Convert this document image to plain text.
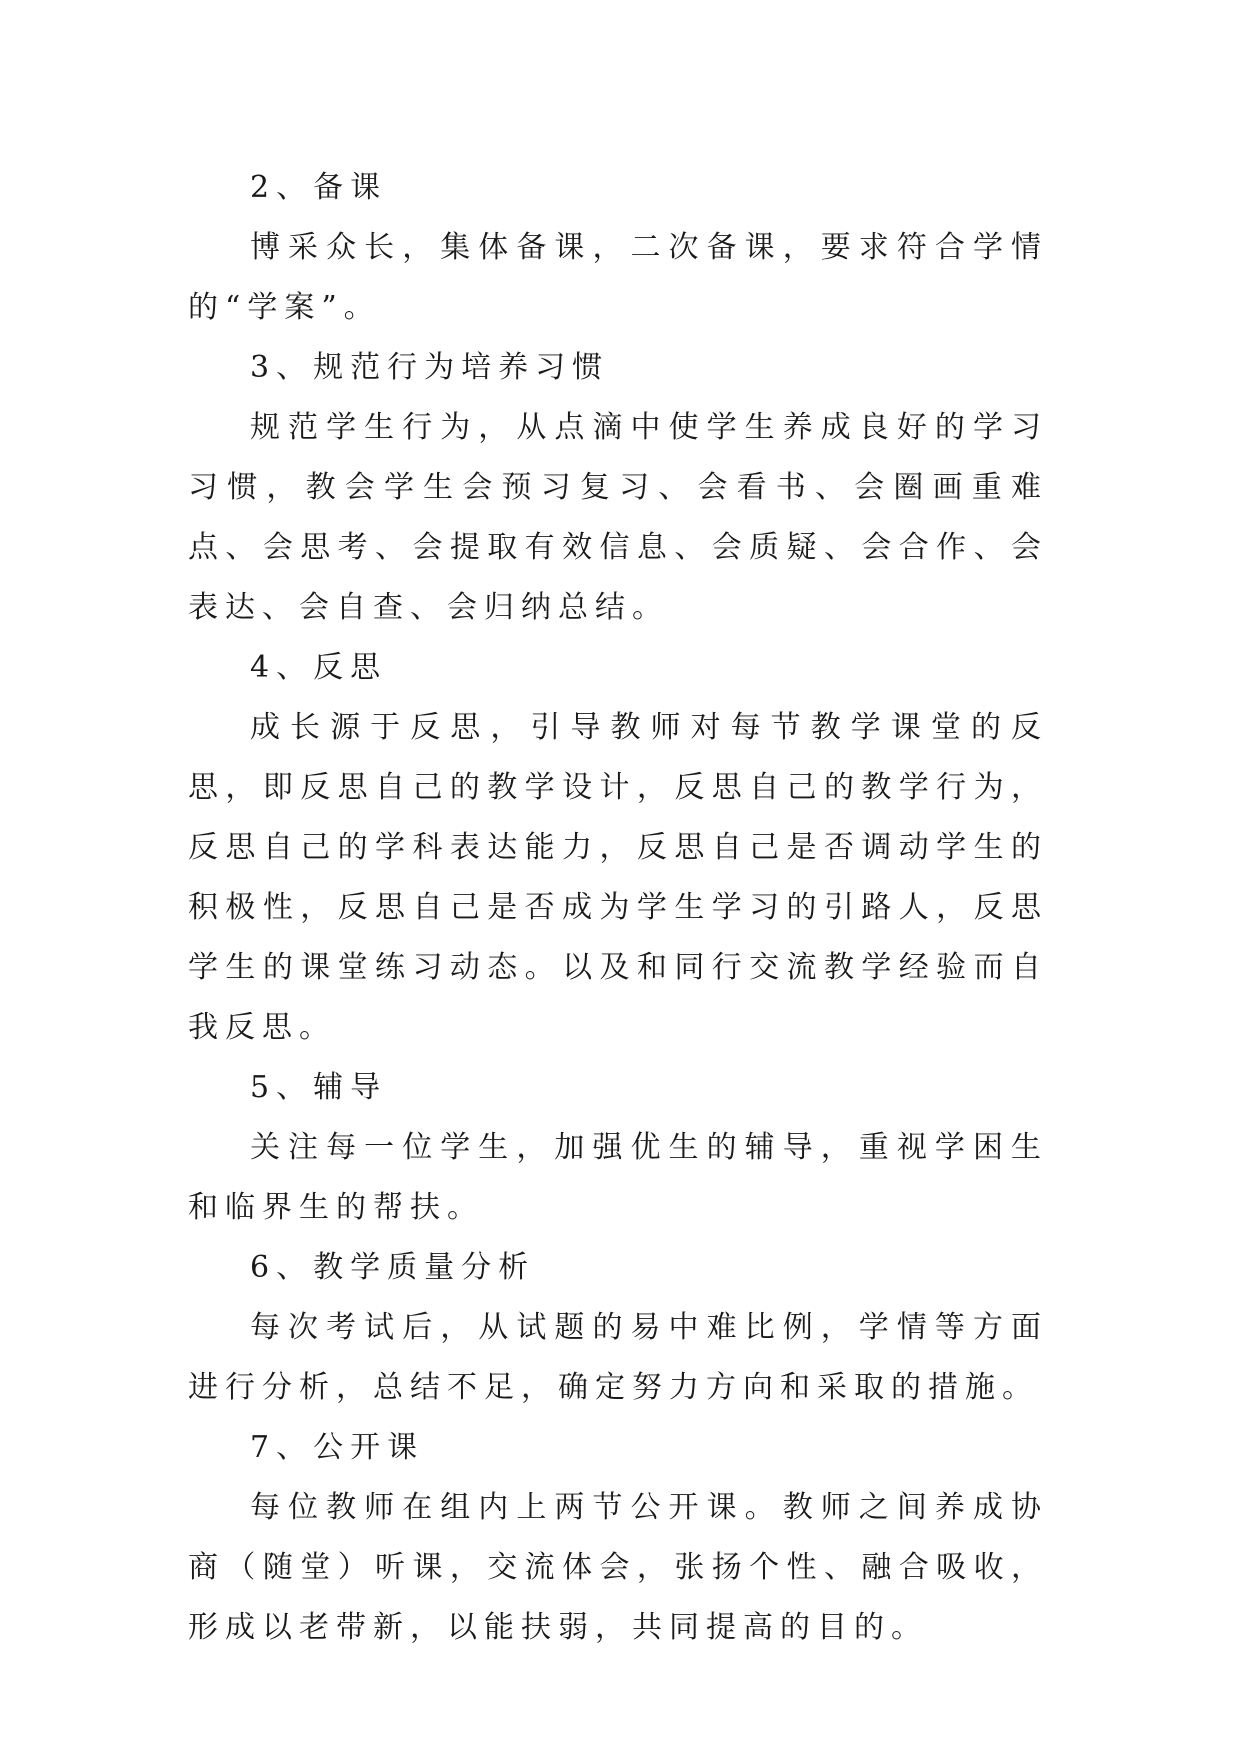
2、备课

博采众长，集体备课，二次备课，要求符合学情的“学案”。

3、规范行为培养习惯

规范学生行为，从点滴中使学生养成良好的学习习惯，教会学生会预习复习、会看书、会圈画重难点、会思考、会提取有效信息、会质疑、会合作、会表达、会自查、会归纳总结。

4、反思

成长源于反思，引导教师对每节教学课堂的反思，即反思自己的教学设计，反思自己的教学行为，反思自己的学科表达能力，反思自己是否调动学生的积极性，反思自己是否成为学生学习的引路人，反思学生的课堂练习动态。以及和同行交流教学经验而自我反思。

5、辅导

关注每一位学生，加强优生的辅导，重视学困生和临界生的帮扶。

6、教学质量分析

每次考试后，从试题的易中难比例，学情等方面进行分析，总结不足，确定努力方向和采取的措施。

7、公开课

每位教师在组内上两节公开课。教师之间养成协商（随堂）听课，交流体会，张扬个性、融合吸收，形成以老带新，以能扶弱，共同提高的目的。
